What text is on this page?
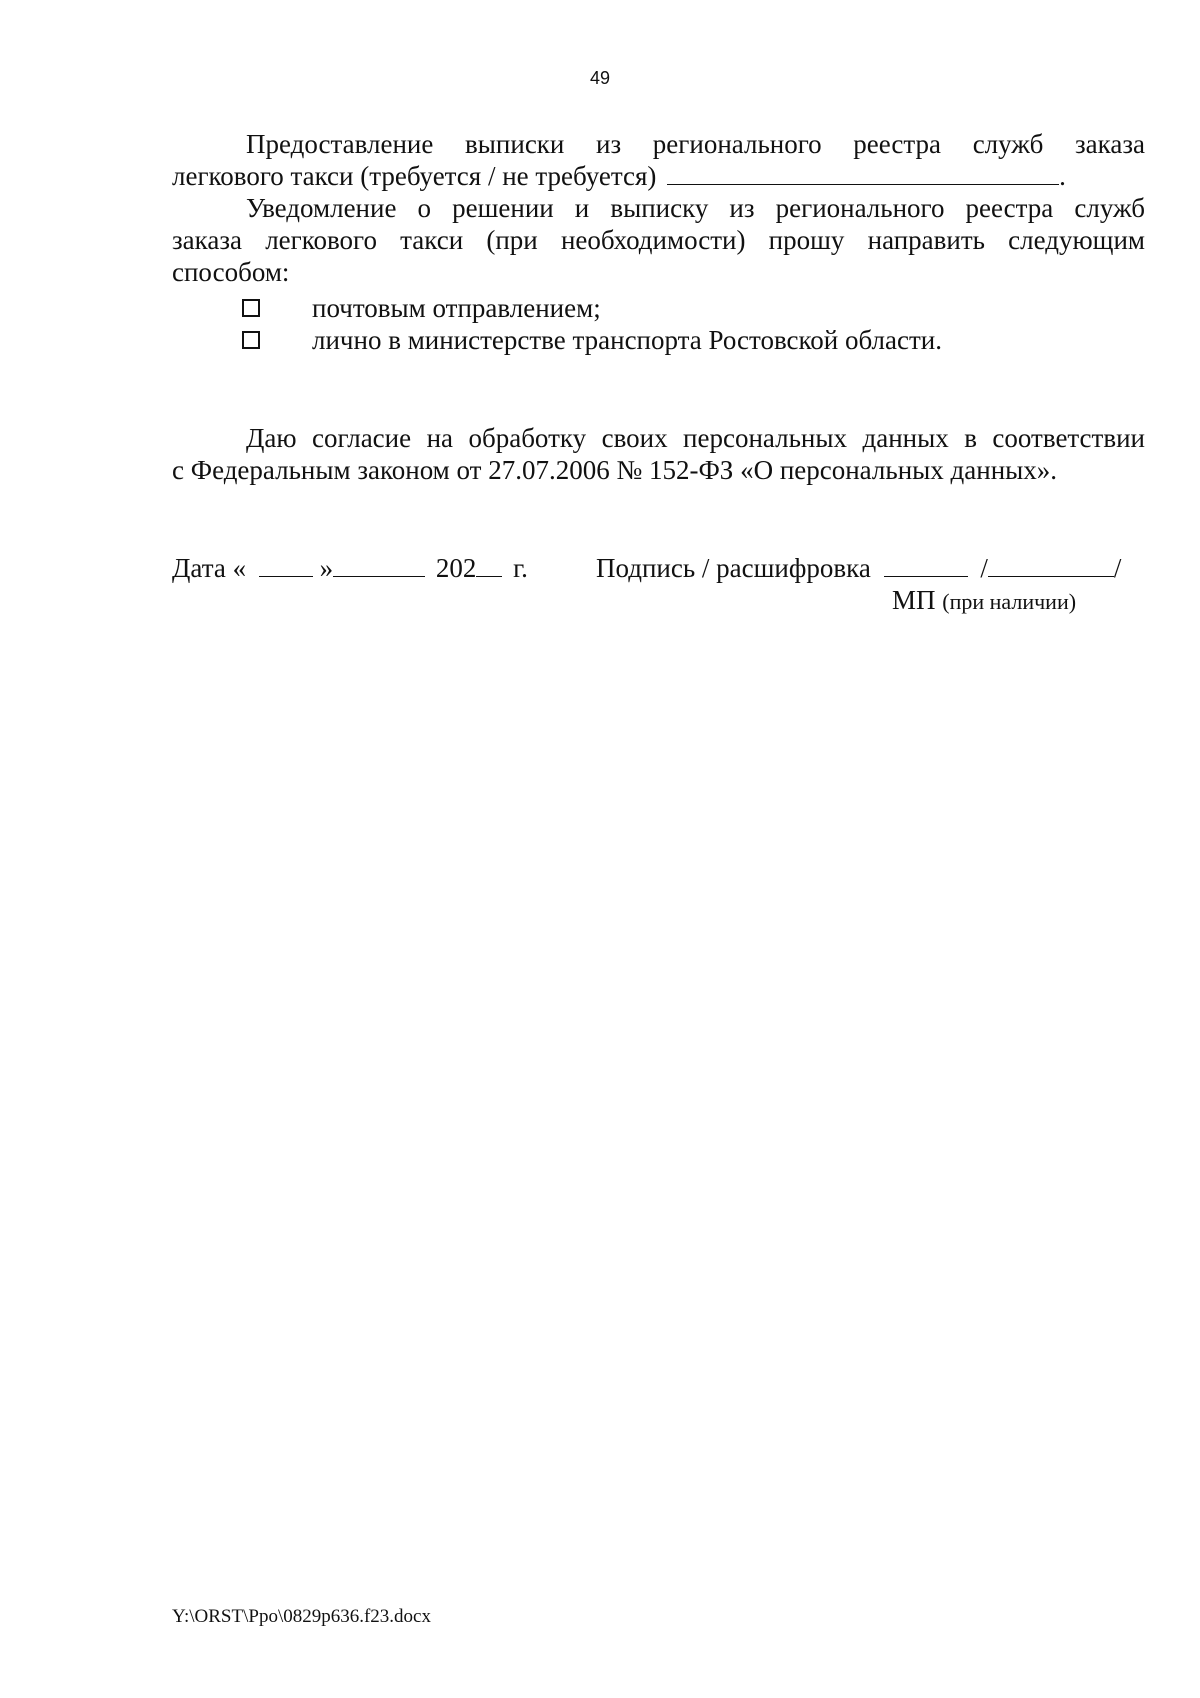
49
Предоставление выписки из регионального реестра служб заказа
легкового такси (требуется / не требуется)	.
Уведомление о решении и выписку из регионального реестра служб
заказа легкового такси (при необходимости) прошу направить следующим
способом:
почтовым отправлением;
лично в министерстве транспорта Ростовской области.
Даю согласие на обработку своих персональных данных в соответствии
с Федеральным законом от 27.07.2006 № 152-ФЗ «О персональных данных».
Дата «	»	202 г.	Подпись / расшифровка	/	/
МП (при наличии)
Y:\ORST\Ppo\0829p636.f23.docx
